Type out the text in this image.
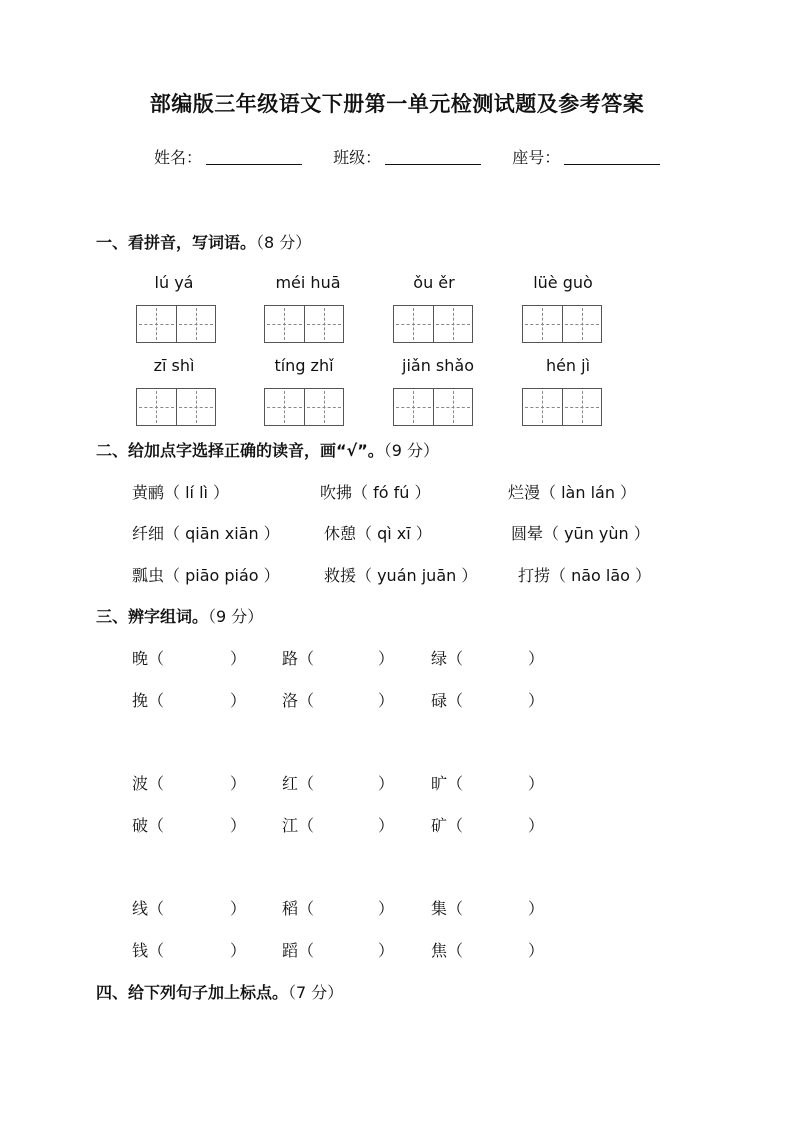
部编版三年级语文下册第一单元检测试题及参考答案
姓名：	班级：	座号：
一、看拼音，写词语。（8 分）
lú yá	méi huā	ǒu ěr	lüè guò
zī shì	tíng zhǐ	jiǎn shǎo	hén jì
二、给加点字选择正确的读音，画“√”。（9 分）
黄鹂（ lí lì ）	吹拂（ fó fú ）	烂漫（ làn lán ）
纤细（ qiān xiān ）	休憩（ qì xī ）	圆晕（ yūn yùn ）
瓢虫（ piāo piáo ）	救援（ yuán juān ）	打捞（ nāo lāo ）
三、辨字组词。（9 分）
晚（	） 路（	） 绿（	）
挽（	） 洛（	） 碌（	）
波（	） 红（	） 旷（	）
破（	） 江（	） 矿（	）
线（	） 稻（	） 集（	）
钱（	） 蹈（	） 焦（	）
四、给下列句子加上标点。（7 分）
